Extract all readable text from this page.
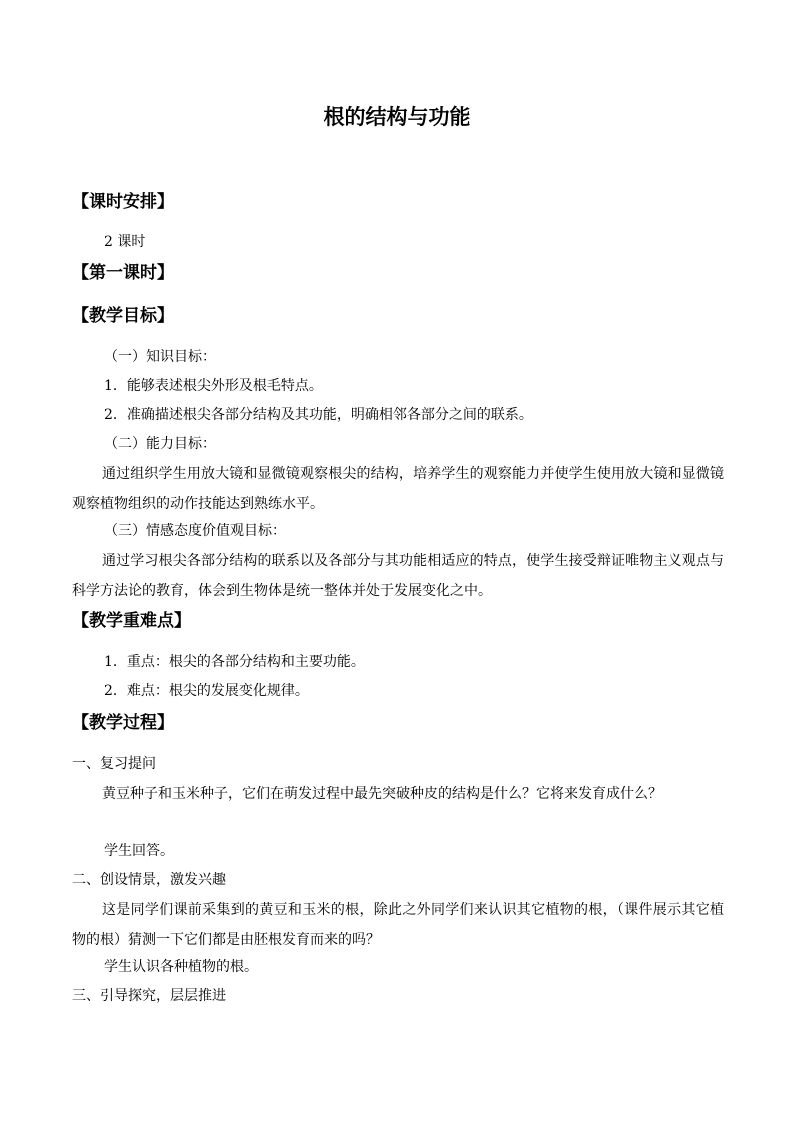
根的结构与功能
【课时安排】
2 课时
【第一课时】
【教学目标】
（一）知识目标：
1．能够表述根尖外形及根毛特点。
2．准确描述根尖各部分结构及其功能，明确相邻各部分之间的联系。
（二）能力目标：
通过组织学生用放大镜和显微镜观察根尖的结构，培养学生的观察能力并使学生使用放大镜和显微镜观察植物组织的动作技能达到熟练水平。
（三）情感态度价值观目标：
通过学习根尖各部分结构的联系以及各部分与其功能相适应的特点，使学生接受辩证唯物主义观点与科学方法论的教育，体会到生物体是统一整体并处于发展变化之中。
【教学重难点】
1．重点：根尖的各部分结构和主要功能。
2．难点：根尖的发展变化规律。
【教学过程】
一、复习提问
黄豆种子和玉米种子，它们在萌发过程中最先突破种皮的结构是什么？它将来发育成什么？
学生回答。
二、创设情景，激发兴趣
这是同学们课前采集到的黄豆和玉米的根，除此之外同学们来认识其它植物的根，（课件展示其它植物的根）猜测一下它们都是由胚根发育而来的吗？
学生认识各种植物的根。
三、引导探究，层层推进
